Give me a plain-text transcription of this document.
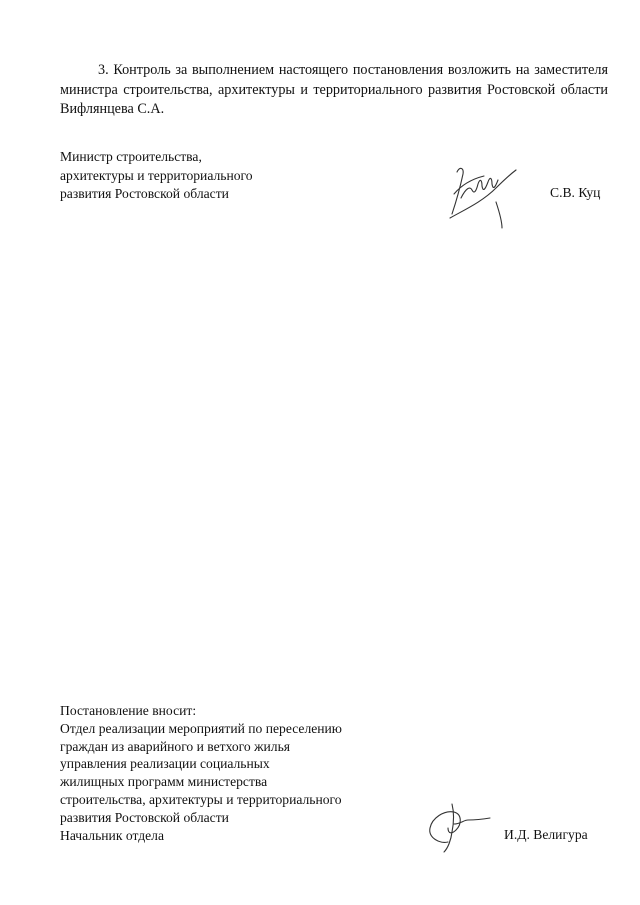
3. Контроль за выполнением настоящего постановления возложить на заместителя министра строительства, архитектуры и территориального развития Ростовской области Вифлянцева С.А.

Министр строительства,
архитектуры и территориального
развития Ростовской области	С.В. Куц
Постановление вносит:
Отдел реализации мероприятий по переселению
граждан из аварийного и ветхого жилья
управления реализации социальных
жилищных программ министерства
строительства, архитектуры и территориального
развития Ростовской области
Начальник отдела	И.Д. Велигура
